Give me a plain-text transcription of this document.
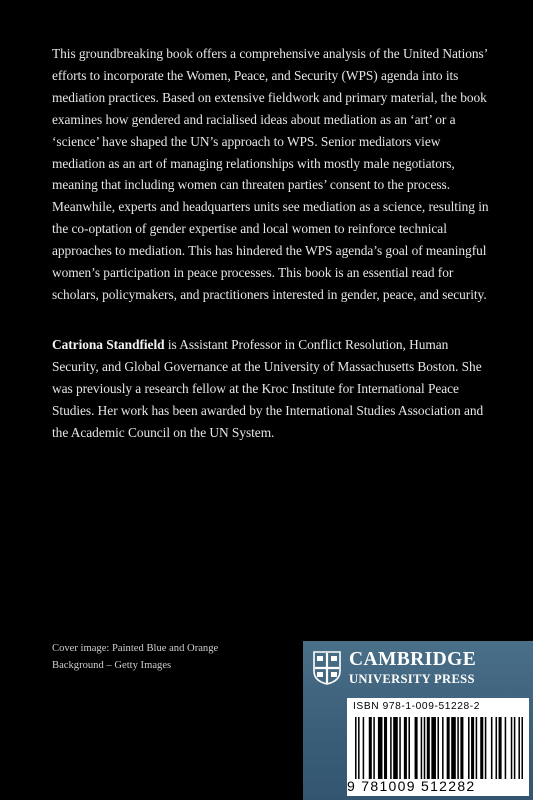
This groundbreaking book offers a comprehensive analysis of the United Nations’ efforts to incorporate the Women, Peace, and Security (WPS) agenda into its mediation practices. Based on extensive fieldwork and primary material, the book examines how gendered and racialised ideas about mediation as an ‘art’ or a ‘science’ have shaped the UN’s approach to WPS. Senior mediators view mediation as an art of managing relationships with mostly male negotiators, meaning that including women can threaten parties’ consent to the process. Meanwhile, experts and headquarters units see mediation as a science, resulting in the co-optation of gender expertise and local women to reinforce technical approaches to mediation. This has hindered the WPS agenda’s goal of meaningful women’s participation in peace processes. This book is an essential read for scholars, policymakers, and practitioners interested in gender, peace, and security.

Catriona Standfield is Assistant Professor in Conflict Resolution, Human Security, and Global Governance at the University of Massachusetts Boston. She was previously a research fellow at the Kroc Institute for International Peace Studies. Her work has been awarded by the International Studies Association and the Academic Council on the UN System.

Cover image: Painted Blue and Orange
Background – Getty Images	CAMBRIDGE
UNIVERSITY PRESS
ISBN 978-1-009-51228-2
9 781009 512282
